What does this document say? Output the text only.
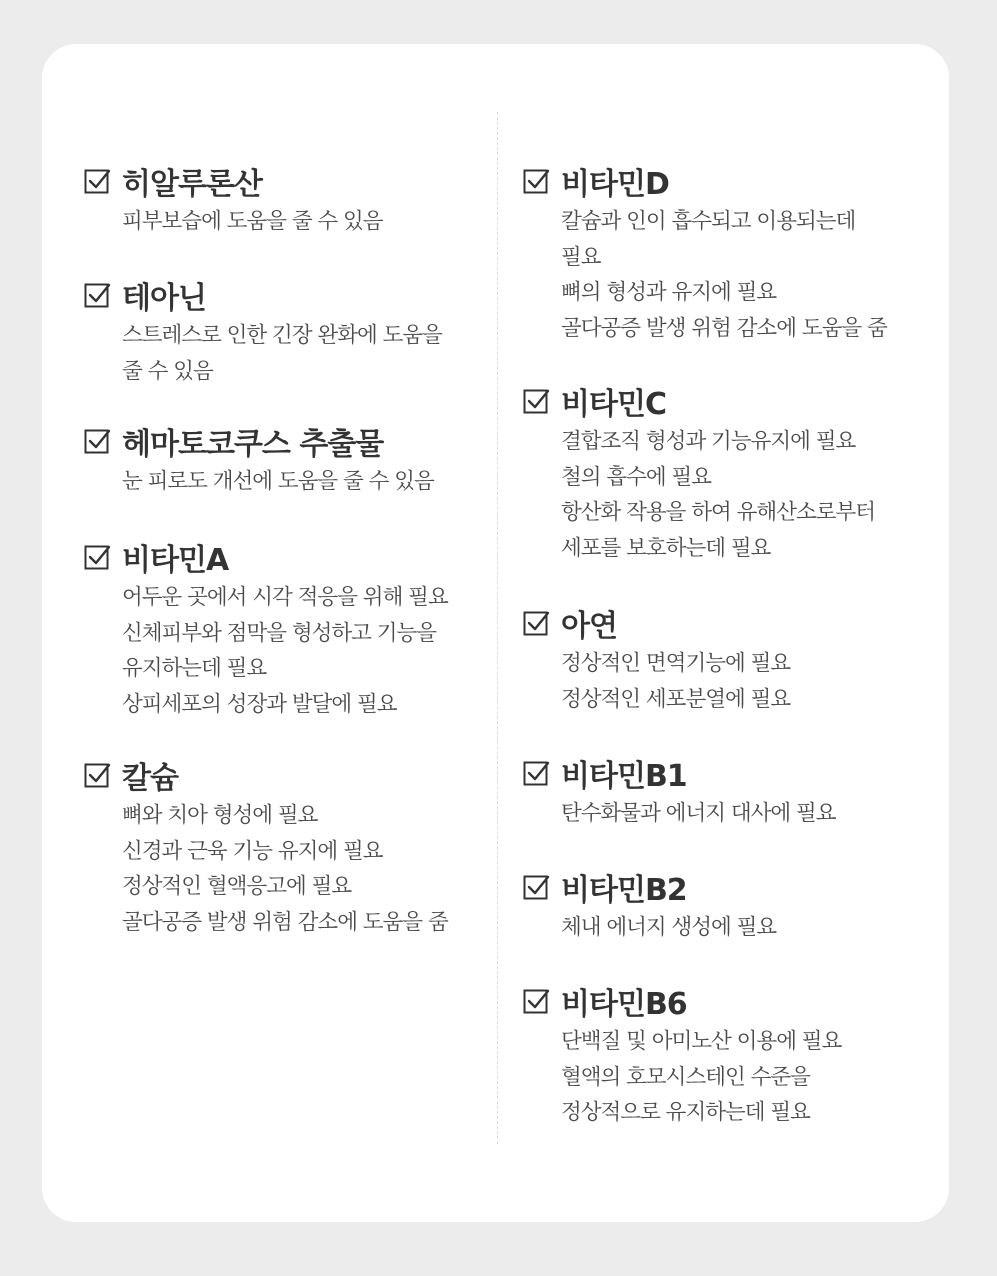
히알루론산
피부보습에 도움을 줄 수 있음
테아닌
스트레스로 인한 긴장 완화에 도움을
줄 수 있음
헤마토코쿠스 추출물
눈 피로도 개선에 도움을 줄 수 있음
비타민A
어두운 곳에서 시각 적응을 위해 필요
신체피부와 점막을 형성하고 기능을
유지하는데 필요
상피세포의 성장과 발달에 필요
칼슘
뼈와 치아 형성에 필요
신경과 근육 기능 유지에 필요
정상적인 혈액응고에 필요
골다공증 발생 위험 감소에 도움을 줌
비타민D
칼슘과 인이 흡수되고 이용되는데
필요
뼈의 형성과 유지에 필요
골다공증 발생 위험 감소에 도움을 줌
비타민C
결합조직 형성과 기능유지에 필요
철의 흡수에 필요
항산화 작용을 하여 유해산소로부터
세포를 보호하는데 필요
아연
정상적인 면역기능에 필요
정상적인 세포분열에 필요
비타민B1
탄수화물과 에너지 대사에 필요
비타민B2
체내 에너지 생성에 필요
비타민B6
단백질 및 아미노산 이용에 필요
혈액의 호모시스테인 수준을
정상적으로 유지하는데 필요
